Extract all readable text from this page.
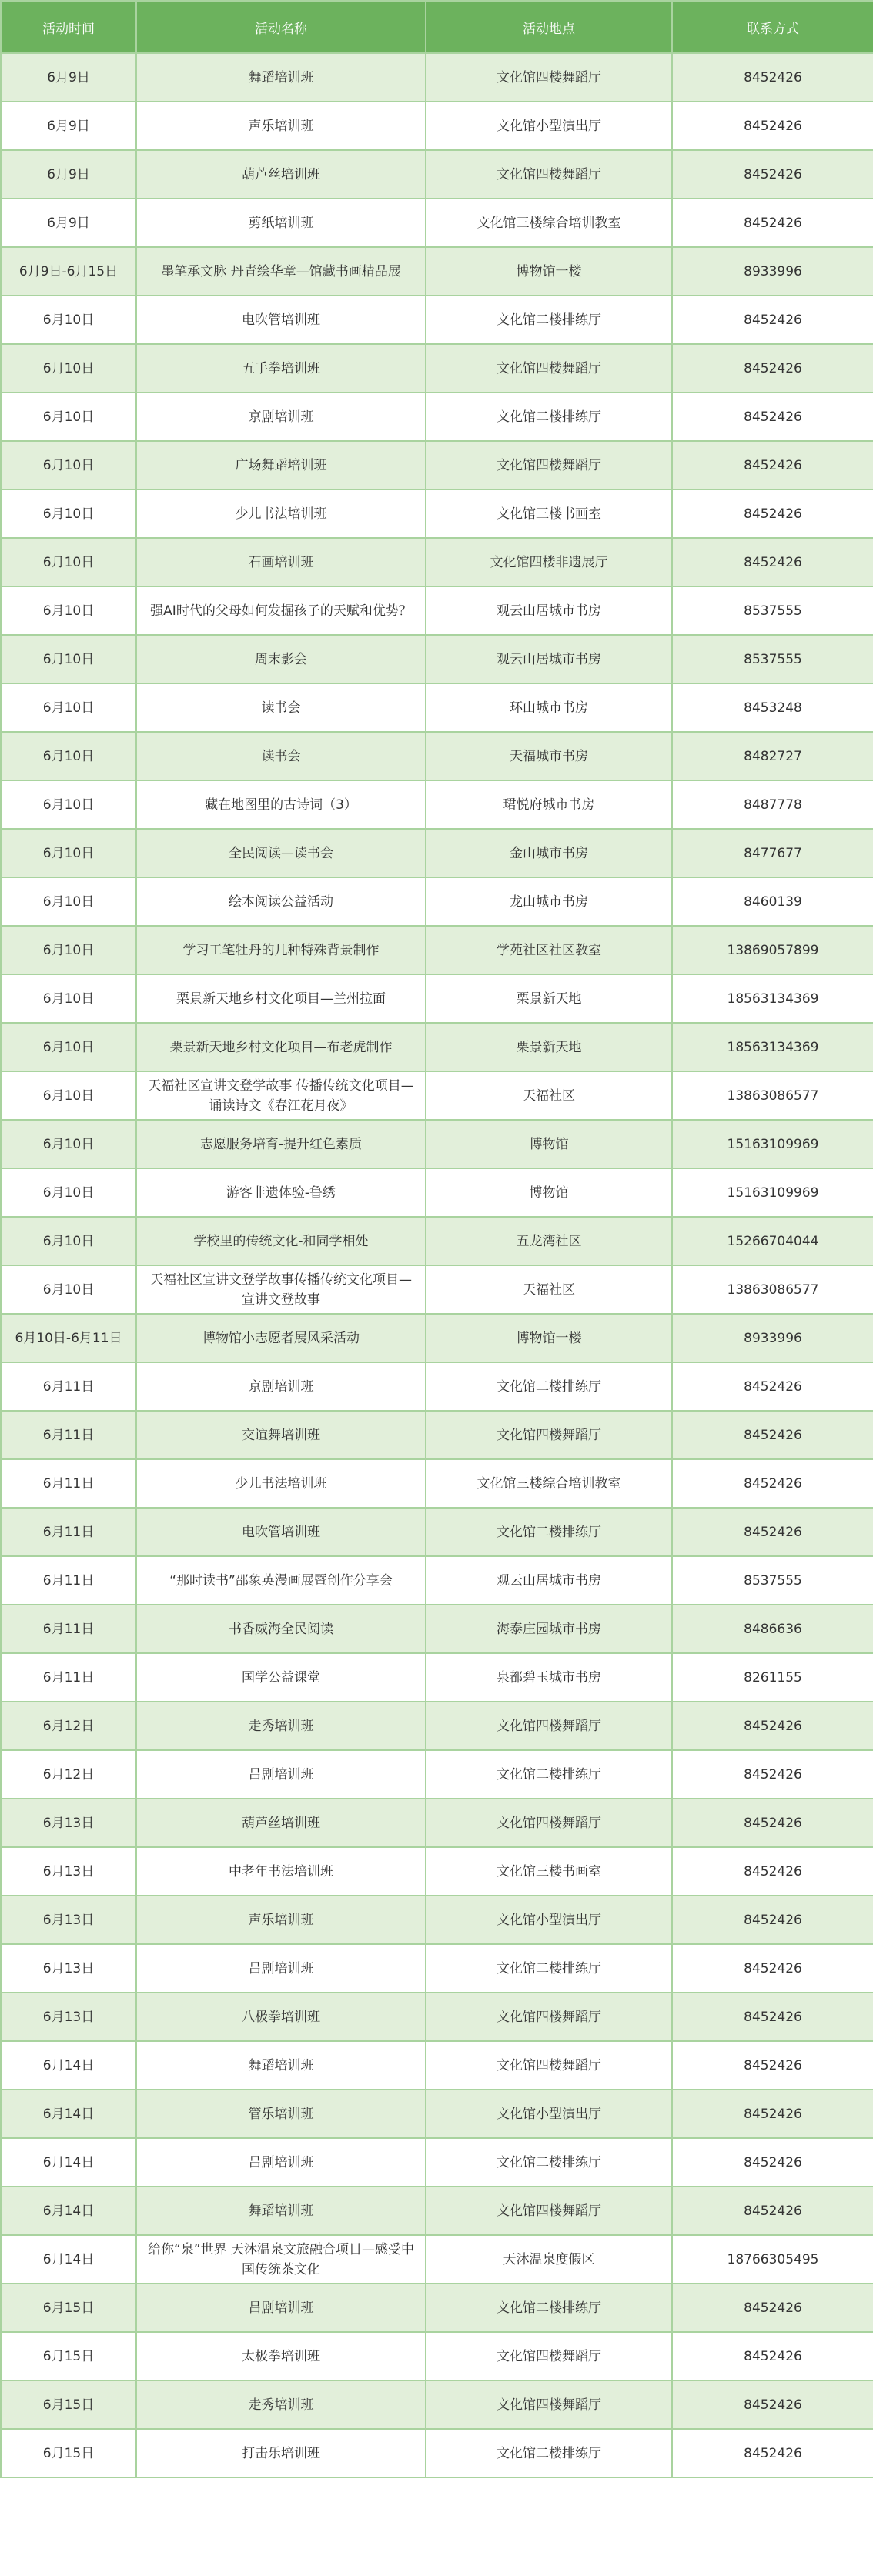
活动时间	活动名称	活动地点	联系方式
6月9日	舞蹈培训班	文化馆四楼舞蹈厅	8452426
6月9日	声乐培训班	文化馆小型演出厅	8452426
6月9日	葫芦丝培训班	文化馆四楼舞蹈厅	8452426
6月9日	剪纸培训班	文化馆三楼综合培训教室	8452426
6月9日-6月15日	墨笔承文脉 丹青绘华章—馆藏书画精品展	博物馆一楼	8933996
6月10日	电吹管培训班	文化馆二楼排练厅	8452426
6月10日	五手拳培训班	文化馆四楼舞蹈厅	8452426
6月10日	京剧培训班	文化馆二楼排练厅	8452426
6月10日	广场舞蹈培训班	文化馆四楼舞蹈厅	8452426
6月10日	少儿书法培训班	文化馆三楼书画室	8452426
6月10日	石画培训班	文化馆四楼非遗展厅	8452426
6月10日	强AI时代的父母如何发掘孩子的天赋和优势？	观云山居城市书房	8537555
6月10日	周末影会	观云山居城市书房	8537555
6月10日	读书会	环山城市书房	8453248
6月10日	读书会	天福城市书房	8482727
6月10日	藏在地图里的古诗词（3）	珺悦府城市书房	8487778
6月10日	全民阅读—读书会	金山城市书房	8477677
6月10日	绘本阅读公益活动	龙山城市书房	8460139
6月10日	学习工笔牡丹的几种特殊背景制作	学苑社区社区教室	13869057899
6月10日	栗景新天地乡村文化项目—兰州拉面	栗景新天地	18563134369
6月10日	栗景新天地乡村文化项目—布老虎制作	栗景新天地	18563134369
6月10日	天福社区宣讲文登学故事 传播传统文化项目—诵读诗文《春江花月夜》	天福社区	13863086577
6月10日	志愿服务培育-提升红色素质	博物馆	15163109969
6月10日	游客非遗体验-鲁绣	博物馆	15163109969
6月10日	学校里的传统文化-和同学相处	五龙湾社区	15266704044
6月10日	天福社区宣讲文登学故事传播传统文化项目—宣讲文登故事	天福社区	13863086577
6月10日-6月11日	博物馆小志愿者展风采活动	博物馆一楼	8933996
6月11日	京剧培训班	文化馆二楼排练厅	8452426
6月11日	交谊舞培训班	文化馆四楼舞蹈厅	8452426
6月11日	少儿书法培训班	文化馆三楼综合培训教室	8452426
6月11日	电吹管培训班	文化馆二楼排练厅	8452426
6月11日	“那时读书”邵象英漫画展暨创作分享会	观云山居城市书房	8537555
6月11日	书香威海全民阅读	海泰庄园城市书房	8486636
6月11日	国学公益课堂	泉都碧玉城市书房	8261155
6月12日	走秀培训班	文化馆四楼舞蹈厅	8452426
6月12日	吕剧培训班	文化馆二楼排练厅	8452426
6月13日	葫芦丝培训班	文化馆四楼舞蹈厅	8452426
6月13日	中老年书法培训班	文化馆三楼书画室	8452426
6月13日	声乐培训班	文化馆小型演出厅	8452426
6月13日	吕剧培训班	文化馆二楼排练厅	8452426
6月13日	八极拳培训班	文化馆四楼舞蹈厅	8452426
6月14日	舞蹈培训班	文化馆四楼舞蹈厅	8452426
6月14日	管乐培训班	文化馆小型演出厅	8452426
6月14日	吕剧培训班	文化馆二楼排练厅	8452426
6月14日	舞蹈培训班	文化馆四楼舞蹈厅	8452426
6月14日	给你“泉”世界 天沐温泉文旅融合项目—感受中国传统茶文化	天沐温泉度假区	18766305495
6月15日	吕剧培训班	文化馆二楼排练厅	8452426
6月15日	太极拳培训班	文化馆四楼舞蹈厅	8452426
6月15日	走秀培训班	文化馆四楼舞蹈厅	8452426
6月15日	打击乐培训班	文化馆二楼排练厅	8452426
